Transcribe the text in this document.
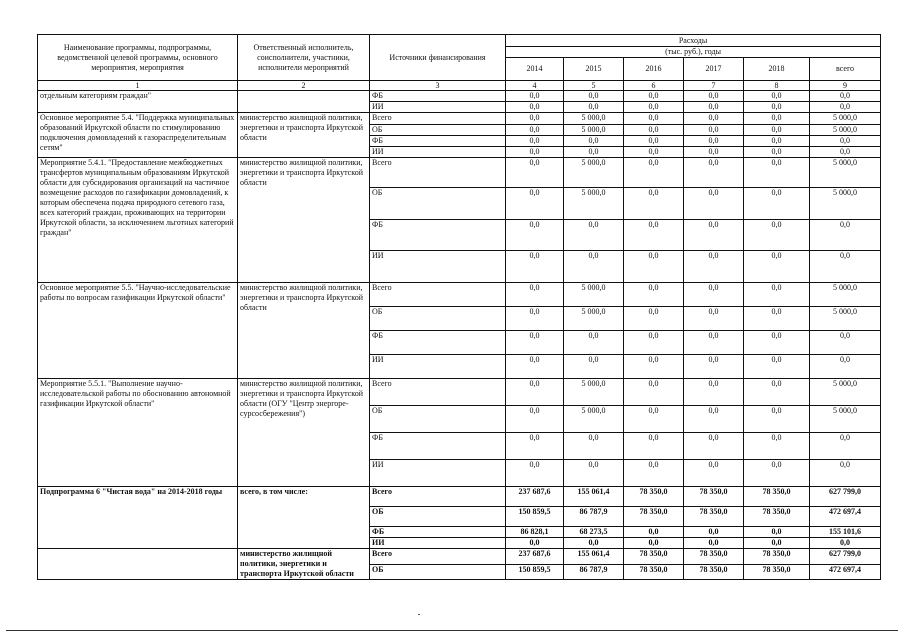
Наименование программы, подпрограммы, ведомственной целевой программы, основного мероприятия, мероприятия	Ответственный исполнитель, соисполнители, участники, исполнители мероприятий	Источники финансирования	Расходы					
			(тыс. руб.), годы					
			2014	2015	2016	2017	2018	всего
1	2	3	4	5	6	7	8	9
отдельным категориям граждан"		ФБ	0,0	0,0	0,0	0,0	0,0	0,0
		ИИ	0,0	0,0	0,0	0,0	0,0	0,0
Основное мероприятие 5.4. "Поддержка муниципальных образований Иркутской области по стимулированию подключения домовладений к газораспределительным сетям"	министерство жилищной политики, энергетики и транспорта Иркутской области	Всего	0,0	5 000,0	0,0	0,0	0,0	5 000,0
		ОБ	0,0	5 000,0	0,0	0,0	0,0	5 000,0
		ФБ	0,0	0,0	0,0	0,0	0,0	0,0
		ИИ	0,0	0,0	0,0	0,0	0,0	0,0
Мероприятие 5.4.1. "Предоставление межбюджетных трансфертов муниципальным образованиям Иркутской области для субсидирования организаций на частичное возмещение расходов по газификации домовладений, к которым обеспечена подача природного сетевого газа, всех категорий граждан, проживающих на территории Иркутской области, за исключением льготных категорий граждан"	министерство жилищной политики, энергетики и транспорта Иркутской области	Всего	0,0	5 000,0	0,0	0,0	0,0	5 000,0
		ОБ	0,0	5 000,0	0,0	0,0	0,0	5 000,0
		ФБ	0,0	0,0	0,0	0,0	0,0	0,0
		ИИ	0,0	0,0	0,0	0,0	0,0	0,0
Основное мероприятие 5.5. "Научно-исследовательские работы по вопросам газификации Иркутской области"	министерство жилищной политики, энергетики и транспорта Иркутской области	Всего	0,0	5 000,0	0,0	0,0	0,0	5 000,0
		ОБ	0,0	5 000,0	0,0	0,0	0,0	5 000,0
		ФБ	0,0	0,0	0,0	0,0	0,0	0,0
		ИИ	0,0	0,0	0,0	0,0	0,0	0,0
Мероприятие 5.5.1. "Выполнение научно-исследовательской работы по обоснованию автономной газификации Иркутской области"	министерство жилищной политики, энергетики и транспорта Иркутской области (ОГУ "Центр энергоре-сурсосбережения")	Всего	0,0	5 000,0	0,0	0,0	0,0	5 000,0
		ОБ	0,0	5 000,0	0,0	0,0	0,0	5 000,0
		ФБ	0,0	0,0	0,0	0,0	0,0	0,0
		ИИ	0,0	0,0	0,0	0,0	0,0	0,0
Подпрограмма 6 "Чистая вода" на 2014-2018 годы	всего, в том числе:	Всего	237 687,6	155 061,4	78 350,0	78 350,0	78 350,0	627 799,0
		ОБ	150 859,5	86 787,9	78 350,0	78 350,0	78 350,0	472 697,4
		ФБ	86 828,1	68 273,5	0,0	0,0	0,0	155 101,6
		ИИ	0,0	0,0	0,0	0,0	0,0	0,0
	министерство жилищной политики, энергетики и транспорта Иркутской области	Всего	237 687,6	155 061,4	78 350,0	78 350,0	78 350,0	627 799,0
		ОБ	150 859,5	86 787,9	78 350,0	78 350,0	78 350,0	472 697,4
